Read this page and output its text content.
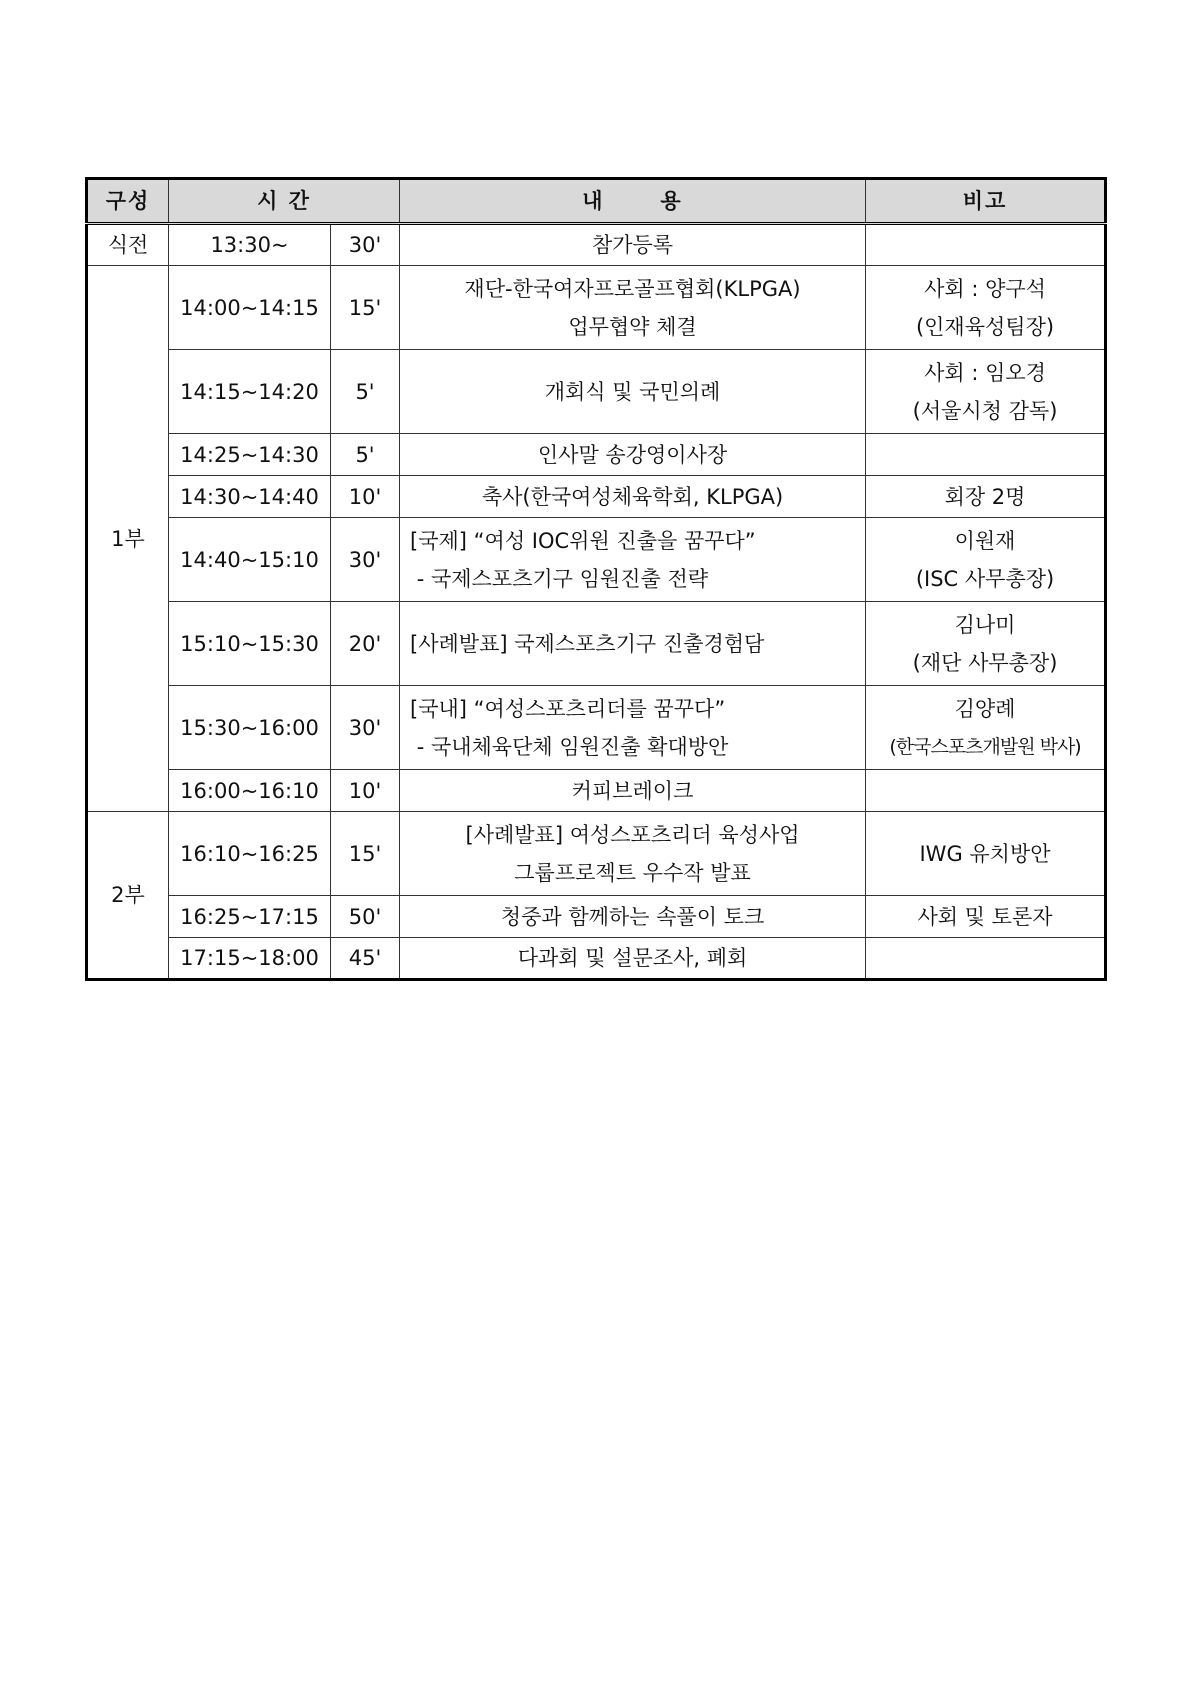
구성	시 간		내      용	비고
식전	13:30~	30'	참가등록	

1부	14:00~14:15	15'	재단-한국여자프로골프협회(KLPGA)
업무협약 체결	사회 : 양구석
(인재육성팀장)

	14:15~14:20	5'	개회식 및 국민의례	사회 : 임오경
(서울시청 감독)

	14:25~14:30	5'	인사말 송강영이사장	

	14:30~14:40	10'	축사(한국여성체육학회, KLPGA)	회장 2명

	14:40~15:10	30'	[국제] “여성 IOC위원 진출을 꿈꾸다”
- 국제스포츠기구 임원진출 전략	이원재
(ISC 사무총장)

	15:10~15:30	20'	[사례발표] 국제스포츠기구 진출경험담	김나미
(재단 사무총장)

	15:30~16:00	30'	[국내] “여성스포츠리더를 꿈꾸다”
- 국내체육단체 임원진출 확대방안	김양례
(한국스포츠개발원 박사)

	16:00~16:10	10'	커피브레이크	

2부	16:10~16:25	15'	[사례발표] 여성스포츠리더 육성사업
그룹프로젝트 우수작 발표	IWG 유치방안

	16:25~17:15	50'	청중과 함께하는 속풀이 토크	사회 및 토론자

	17:15~18:00	45'	다과회 및 설문조사, 폐회	
